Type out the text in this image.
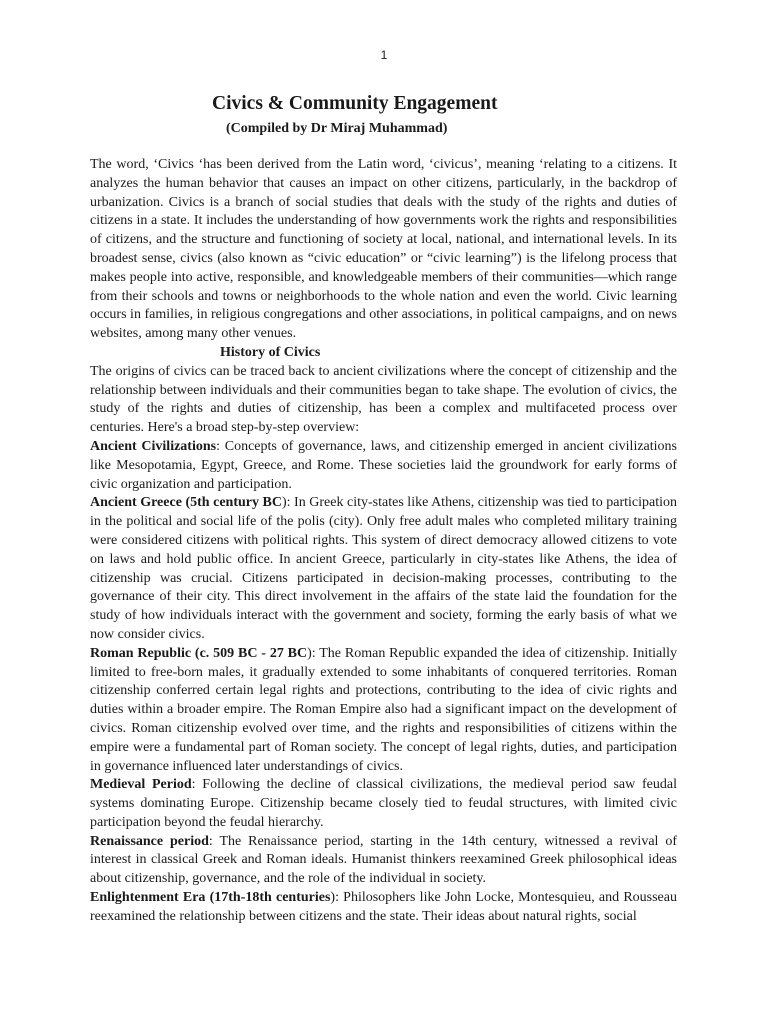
1
Civics & Community Engagement

(Compiled by Dr Miraj Muhammad)

The word, ‘Civics ‘has been derived from the Latin word, ‘civicus’, meaning ‘relating to a citizens. It analyzes the human behavior that causes an impact on other citizens, particularly, in the backdrop of urbanization. Civics is a branch of social studies that deals with the study of the rights and duties of citizens in a state. It includes the understanding of how governments work the rights and responsibilities of citizens, and the structure and functioning of society at local, national, and international levels. In its broadest sense, civics (also known as “civic education” or “civic learning”) is the lifelong process that makes people into active, responsible, and knowledgeable members of their communities—which range from their schools and towns or neighborhoods to the whole nation and even the world. Civic learning occurs in families, in religious congregations and other associations, in political campaigns, and on news websites, among many other venues.

History of Civics

The origins of civics can be traced back to ancient civilizations where the concept of citizenship and the relationship between individuals and their communities began to take shape. The evolution of civics, the study of the rights and duties of citizenship, has been a complex and multifaceted process over centuries. Here's a broad step-by-step overview:

Ancient Civilizations: Concepts of governance, laws, and citizenship emerged in ancient civilizations like Mesopotamia, Egypt, Greece, and Rome. These societies laid the groundwork for early forms of civic organization and participation.

Ancient Greece (5th century BC): In Greek city-states like Athens, citizenship was tied to participation in the political and social life of the polis (city). Only free adult males who completed military training were considered citizens with political rights. This system of direct democracy allowed citizens to vote on laws and hold public office. In ancient Greece, particularly in city-states like Athens, the idea of citizenship was crucial. Citizens participated in decision-making processes, contributing to the governance of their city. This direct involvement in the affairs of the state laid the foundation for the study of how individuals interact with the government and society, forming the early basis of what we now consider civics.

Roman Republic (c. 509 BC - 27 BC): The Roman Republic expanded the idea of citizenship. Initially limited to free-born males, it gradually extended to some inhabitants of conquered territories. Roman citizenship conferred certain legal rights and protections, contributing to the idea of civic rights and duties within a broader empire. The Roman Empire also had a significant impact on the development of civics. Roman citizenship evolved over time, and the rights and responsibilities of citizens within the empire were a fundamental part of Roman society. The concept of legal rights, duties, and participation in governance influenced later understandings of civics.

Medieval Period: Following the decline of classical civilizations, the medieval period saw feudal systems dominating Europe. Citizenship became closely tied to feudal structures, with limited civic participation beyond the feudal hierarchy.

Renaissance period: The Renaissance period, starting in the 14th century, witnessed a revival of interest in classical Greek and Roman ideals. Humanist thinkers reexamined Greek philosophical ideas about citizenship, governance, and the role of the individual in society.

Enlightenment Era (17th-18th centuries): Philosophers like John Locke, Montesquieu, and Rousseau reexamined the relationship between citizens and the state. Their ideas about natural rights, social
